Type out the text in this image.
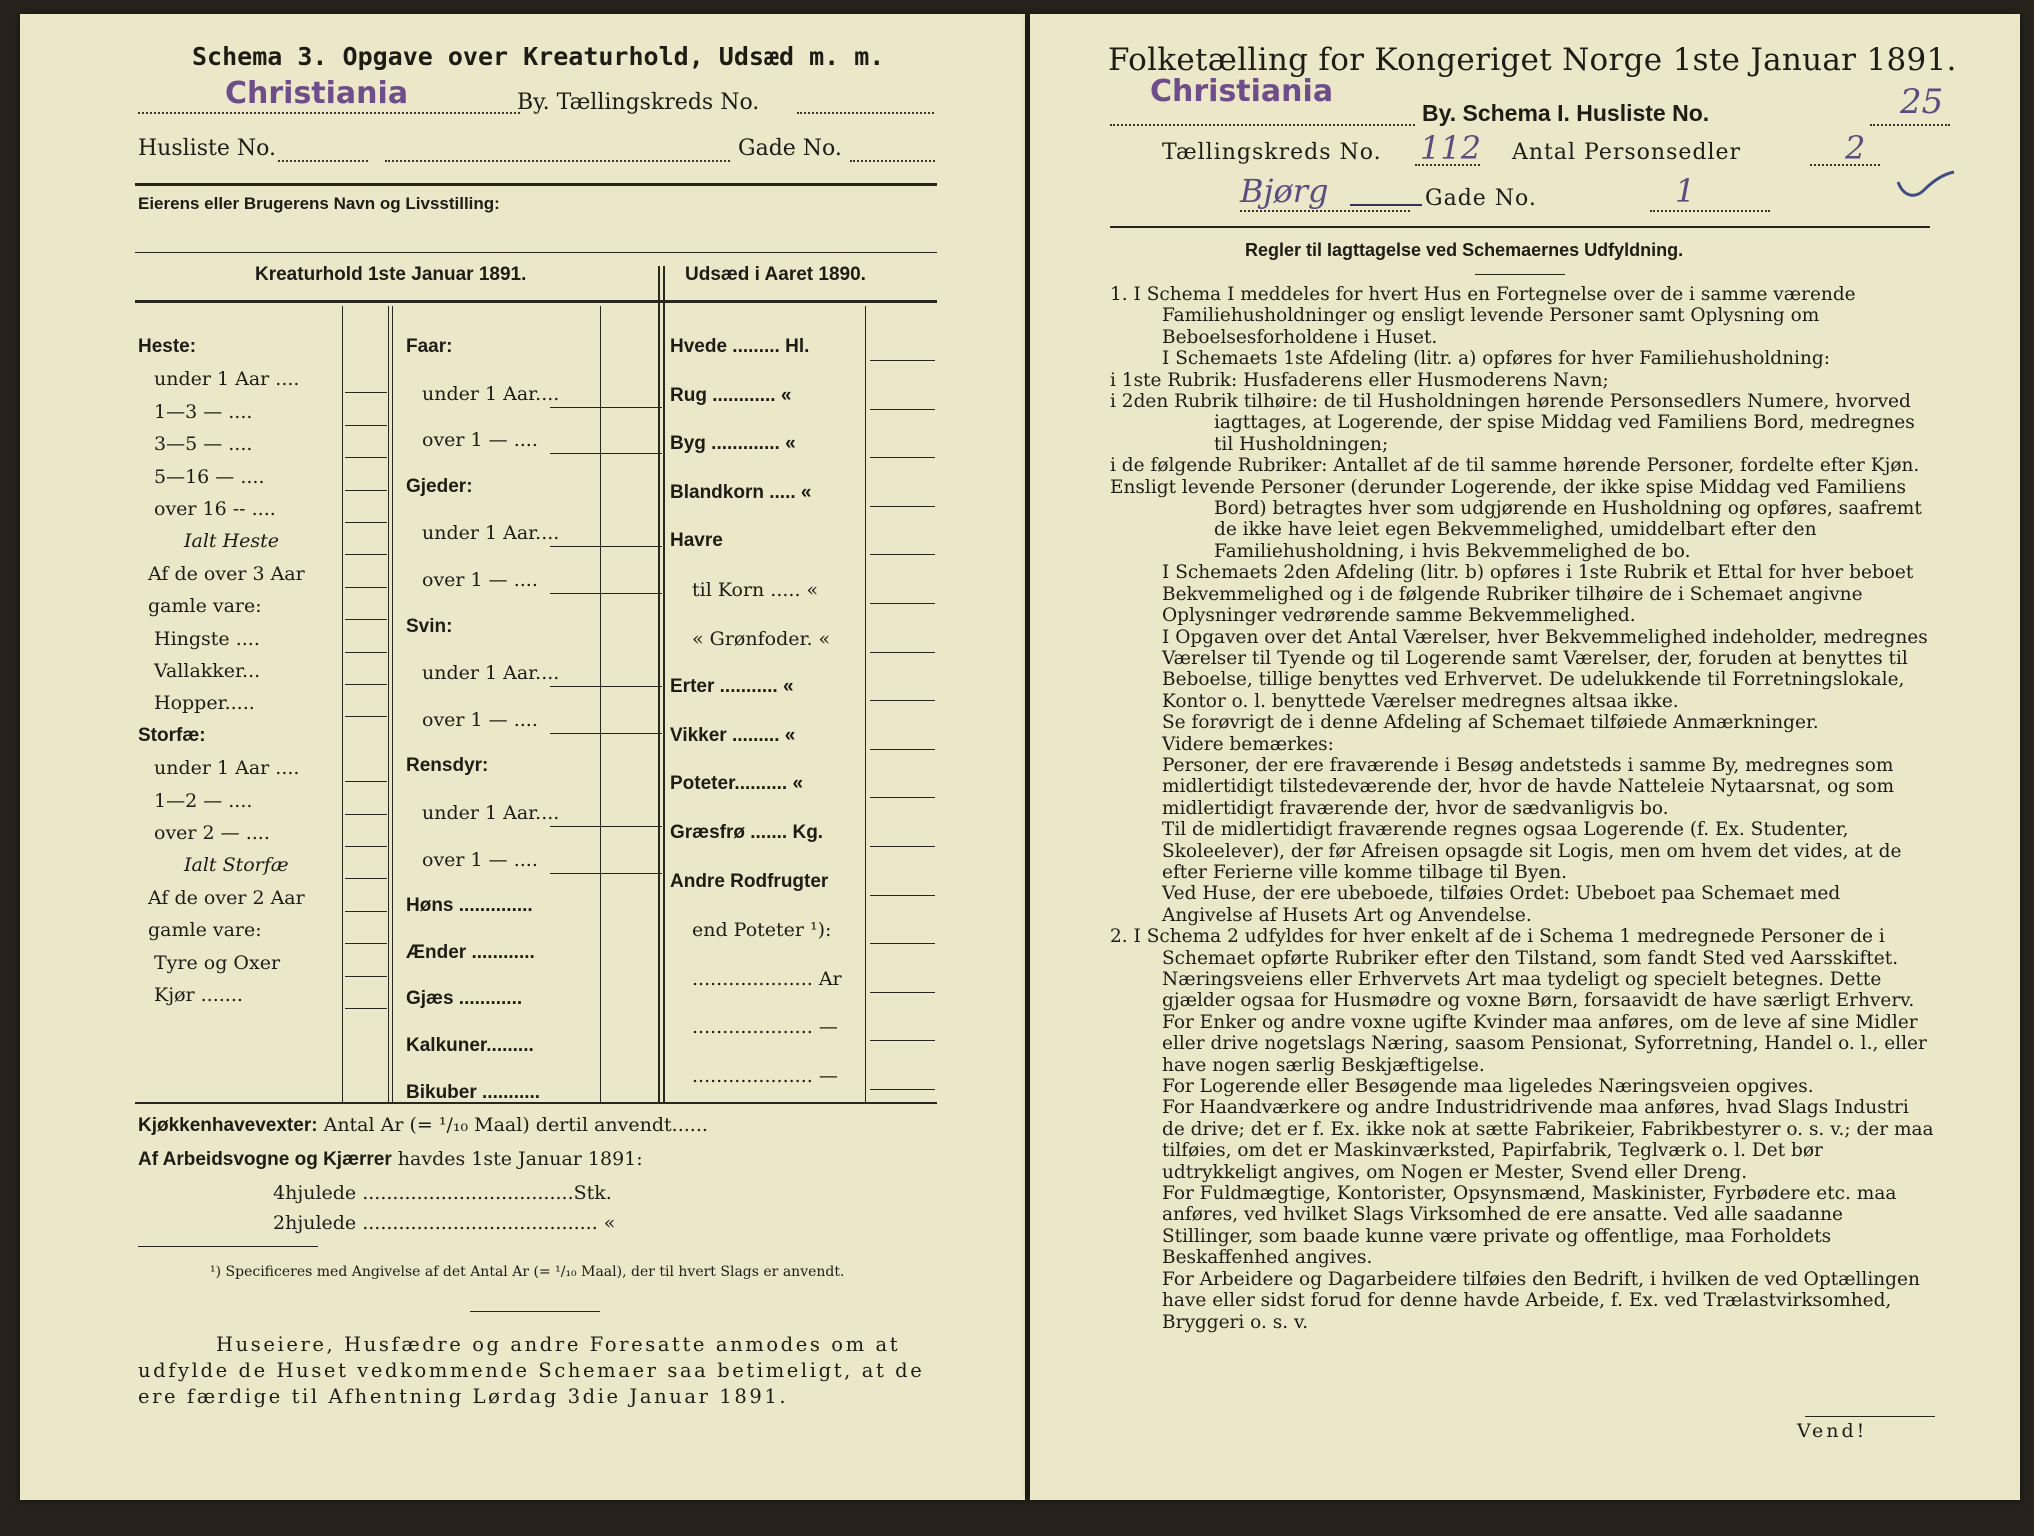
Schema 3. Opgave over Kreaturhold, Udsæd m. m.
Christiania	By. Tællingskreds No.
Husliste No.	Gade No.
Eierens eller Brugerens Navn og Livsstilling:
Kreaturhold 1ste Januar 1891.	Udsæd i Aaret 1890.
Heste:
under 1 Aar ....
1—3 — ....
3—5 — ....
5—16 — ....
over 16 -- ....
Ialt Heste
Af de over 3 Aar
gamle vare:
Hingste ....
Vallakker...
Hopper.....
Storfæ:
under 1 Aar ....
1—2 — ....
over 2 — ....
Ialt Storfæ
Af de over 2 Aar
gamle vare:
Tyre og Oxer
Kjør .......
Faar:
under 1 Aar....
over 1 — ....
Gjeder:
under 1 Aar....
over 1 — ....
Svin:
under 1 Aar....
over 1 — ....
Rensdyr:
under 1 Aar....
over 1 — ....
Høns ..............
Ænder ............
Gjæs ............
Kalkuner.........
Bikuber ...........
Hvede ......... Hl.
Rug ............ «
Byg ............. «
Blandkorn ..... «
Havre
til Korn ..... «
« Grønfoder. «
Erter ........... «
Vikker ......... «
Poteter.......... «
Græsfrø ....... Kg.
Andre Rodfrugter
end Poteter ¹):
.................... Ar
.................... —
.................... —
Kjøkkenhavevexter: Antal Ar (= ¹/₁₀ Maal) dertil anvendt......
Af Arbeidsvogne og Kjærrer havdes 1ste Januar 1891:
4hjulede ...................................Stk.
2hjulede ....................................... «
¹) Specificeres med Angivelse af det Antal Ar (= ¹/₁₀ Maal), der til hvert Slags er anvendt.
Huseiere, Husfædre og andre Foresatte anmodes om at
udfylde de Huset vedkommende Schemaer saa betimeligt, at de
ere færdige til Afhentning Lørdag 3die Januar 1891.
Folketælling for Kongeriget Norge 1ste Januar 1891.
Christiania
By. Schema I. Husliste No.	25
Tællingskreds No. 112 Antal Personsedler	2
Bjørg	Gade No.	1
Regler til Iagttagelse ved Schemaernes Udfyldning.

1. I Schema I meddeles for hvert Hus en Fortegnelse over de i samme værende Familiehusholdninger og ensligt levende Personer samt Oplysning om Beboelsesforholdene i Huset.

I Schemaets 1ste Afdeling (litr. a) opføres for hver Familiehusholdning:

i 1ste Rubrik: Husfaderens eller Husmoderens Navn;

i 2den Rubrik tilhøire: de til Husholdningen hørende Personsedlers Numere, hvorved iagttages, at Logerende, der spise Middag ved Familiens Bord, medregnes til Husholdningen;

i de følgende Rubriker: Antallet af de til samme hørende Personer, fordelte efter Kjøn.

Ensligt levende Personer (derunder Logerende, der ikke spise Middag ved Familiens Bord) betragtes hver som udgjørende en Husholdning og opføres, saafremt de ikke have leiet egen Bekvemmelighed, umiddelbart efter den Familiehusholdning, i hvis Bekvemmelighed de bo.

I Schemaets 2den Afdeling (litr. b) opføres i 1ste Rubrik et Ettal for hver beboet Bekvemmelighed og i de følgende Rubriker tilhøire de i Schemaet angivne Oplysninger vedrørende samme Bekvemmelighed.

I Opgaven over det Antal Værelser, hver Bekvemmelighed indeholder, medregnes Værelser til Tyende og til Logerende samt Værelser, der, foruden at benyttes til Beboelse, tillige benyttes ved Erhvervet. De udelukkende til Forretningslokale, Kontor o. l. benyttede Værelser medregnes altsaa ikke.

Se forøvrigt de i denne Afdeling af Schemaet tilføiede Anmærkninger.

Videre bemærkes:

Personer, der ere fraværende i Besøg andetsteds i samme By, medregnes som midlertidigt tilstedeværende der, hvor de havde Natteleie Nytaarsnat, og som midlertidigt fraværende der, hvor de sædvanligvis bo.

Til de midlertidigt fraværende regnes ogsaa Logerende (f. Ex. Studenter, Skoleelever), der før Afreisen opsagde sit Logis, men om hvem det vides, at de efter Ferierne ville komme tilbage til Byen.

Ved Huse, der ere ubeboede, tilføies Ordet: Ubeboet paa Schemaet med Angivelse af Husets Art og Anvendelse.

2. I Schema 2 udfyldes for hver enkelt af de i Schema 1 medregnede Personer de i Schemaet opførte Rubriker efter den Tilstand, som fandt Sted ved Aarsskiftet.

Næringsveiens eller Erhvervets Art maa tydeligt og specielt betegnes. Dette gjælder ogsaa for Husmødre og voxne Børn, forsaavidt de have særligt Erhverv. For Enker og andre voxne ugifte Kvinder maa anføres, om de leve af sine Midler eller drive nogetslags Næring, saasom Pensionat, Syforretning, Handel o. l., eller have nogen særlig Beskjæftigelse.

For Logerende eller Besøgende maa ligeledes Næringsveien opgives.

For Haandværkere og andre Industridrivende maa anføres, hvad Slags Industri de drive; det er f. Ex. ikke nok at sætte Fabrikeier, Fabrikbestyrer o. s. v.; der maa tilføies, om det er Maskinværksted, Papirfabrik, Teglværk o. l. Det bør udtrykkeligt angives, om Nogen er Mester, Svend eller Dreng.

For Fuldmægtige, Kontorister, Opsynsmænd, Maskinister, Fyrbødere etc. maa anføres, ved hvilket Slags Virksomhed de ere ansatte. Ved alle saadanne Stillinger, som baade kunne være private og offentlige, maa Forholdets Beskaffenhed angives.

For Arbeidere og Dagarbeidere tilføies den Bedrift, i hvilken de ved Optællingen have eller sidst forud for denne havde Arbeide, f. Ex. ved Trælastvirksomhed, Bryggeri o. s. v.

Vend!
